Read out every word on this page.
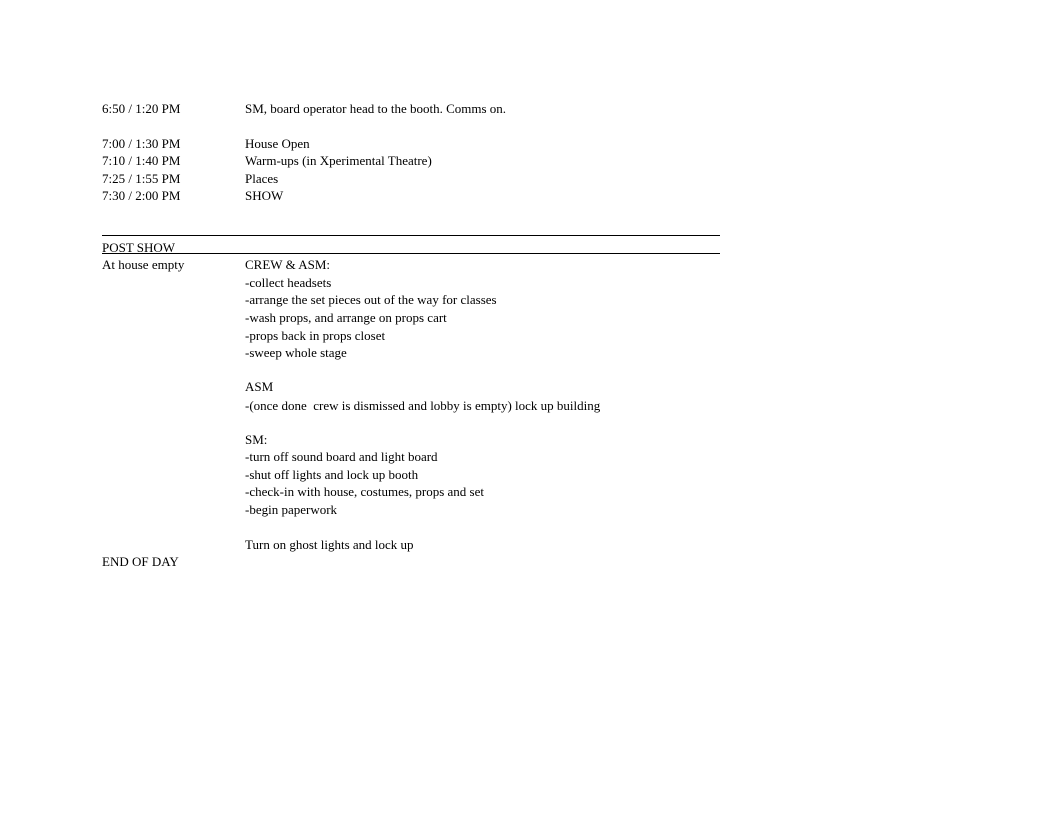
6:50 / 1:20 PM	SM, board operator head to the booth. Comms on.
7:00 / 1:30 PM	House Open
7:10 / 1:40 PM	Warm-ups (in Xperimental Theatre)
7:25 / 1:55 PM	Places
7:30 / 2:00 PM	SHOW
POST SHOW
At house empty	CREW & ASM:
-collect headsets
-arrange the set pieces out of the way for classes
-wash props, and arrange on props cart
-props back in props closet
-sweep whole stage
ASM
-(once done  crew is dismissed and lobby is empty) lock up building
SM:
-turn off sound board and light board
-shut off lights and lock up booth
-check-in with house, costumes, props and set
-begin paperwork
Turn on ghost lights and lock up
END OF DAY
